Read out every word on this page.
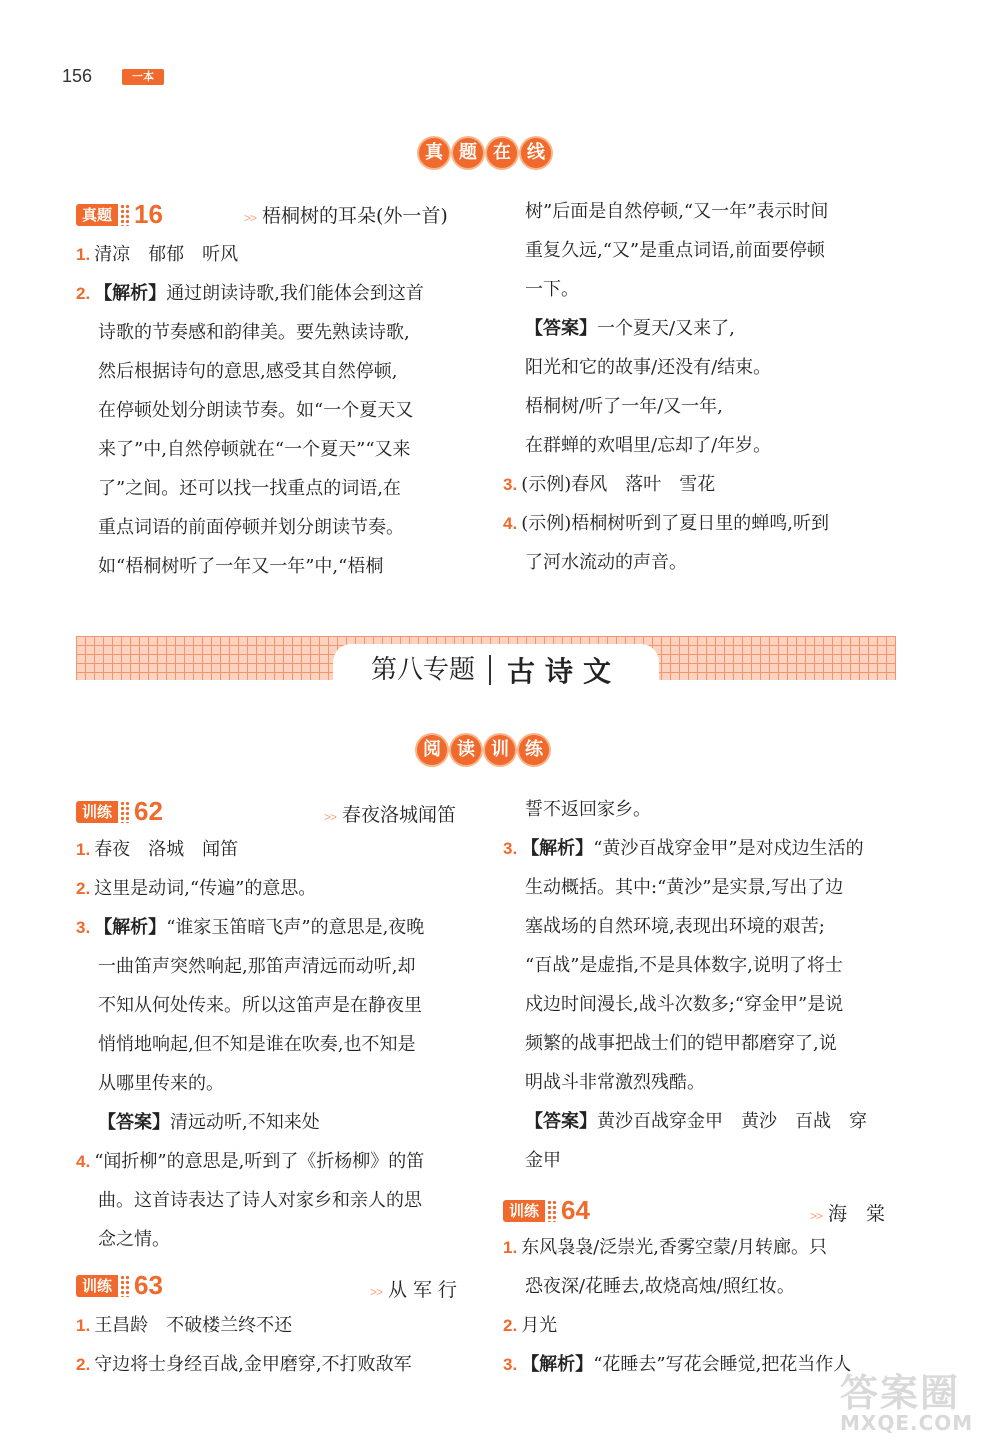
156	一本
真 题 在 线
真题 16	>> 梧桐树的耳朵(外一首)
1. 清凉　郁郁　听风
2. 【解析】通过朗读诗歌,我们能体会到这首
诗歌的节奏感和韵律美。要先熟读诗歌,
然后根据诗句的意思,感受其自然停顿,
在停顿处划分朗读节奏。如“一个夏天又
来了”中,自然停顿就在“一个夏天”“又来
了”之间。还可以找一找重点的词语,在
重点词语的前面停顿并划分朗读节奏。
如“梧桐树听了一年又一年”中,“梧桐
树”后面是自然停顿,“又一年”表示时间
重复久远,“又”是重点词语,前面要停顿
一下。
【答案】一个夏天/又来了,
阳光和它的故事/还没有/结束。
梧桐树/听了一年/又一年,
在群蝉的欢唱里/忘却了/年岁。
3. (示例)春风　落叶　雪花
4. (示例)梧桐树听到了夏日里的蝉鸣,听到
了河水流动的声音。
第八专题	古诗文
阅 读 训 练
训练 62	>> 春夜洛城闻笛
1. 春夜　洛城　闻笛
2. 这里是动词,“传遍”的意思。
3. 【解析】“谁家玉笛暗飞声”的意思是,夜晚
一曲笛声突然响起,那笛声清远而动听,却
不知从何处传来。所以这笛声是在静夜里
悄悄地响起,但不知是谁在吹奏,也不知是
从哪里传来的。
【答案】清远动听,不知来处
4. “闻折柳”的意思是,听到了《折杨柳》的笛
曲。这首诗表达了诗人对家乡和亲人的思
念之情。
训练 63	>> 从军行
1. 王昌龄　不破楼兰终不还
2. 守边将士身经百战,金甲磨穿,不打败敌军
誓不返回家乡。
3. 【解析】“黄沙百战穿金甲”是对戍边生活的
生动概括。其中:“黄沙”是实景,写出了边
塞战场的自然环境,表现出环境的艰苦;
“百战”是虚指,不是具体数字,说明了将士
戍边时间漫长,战斗次数多;“穿金甲”是说
频繁的战事把战士们的铠甲都磨穿了,说
明战斗非常激烈残酷。
【答案】黄沙百战穿金甲　黄沙　百战　穿
金甲
训练 64	>> 海　棠
1. 东风袅袅/泛崇光,香雾空蒙/月转廊。只
恐夜深/花睡去,故烧高烛/照红妆。
2. 月光
3. 【解析】“花睡去”写花会睡觉,把花当作人
答案圈
MXQE.COM
